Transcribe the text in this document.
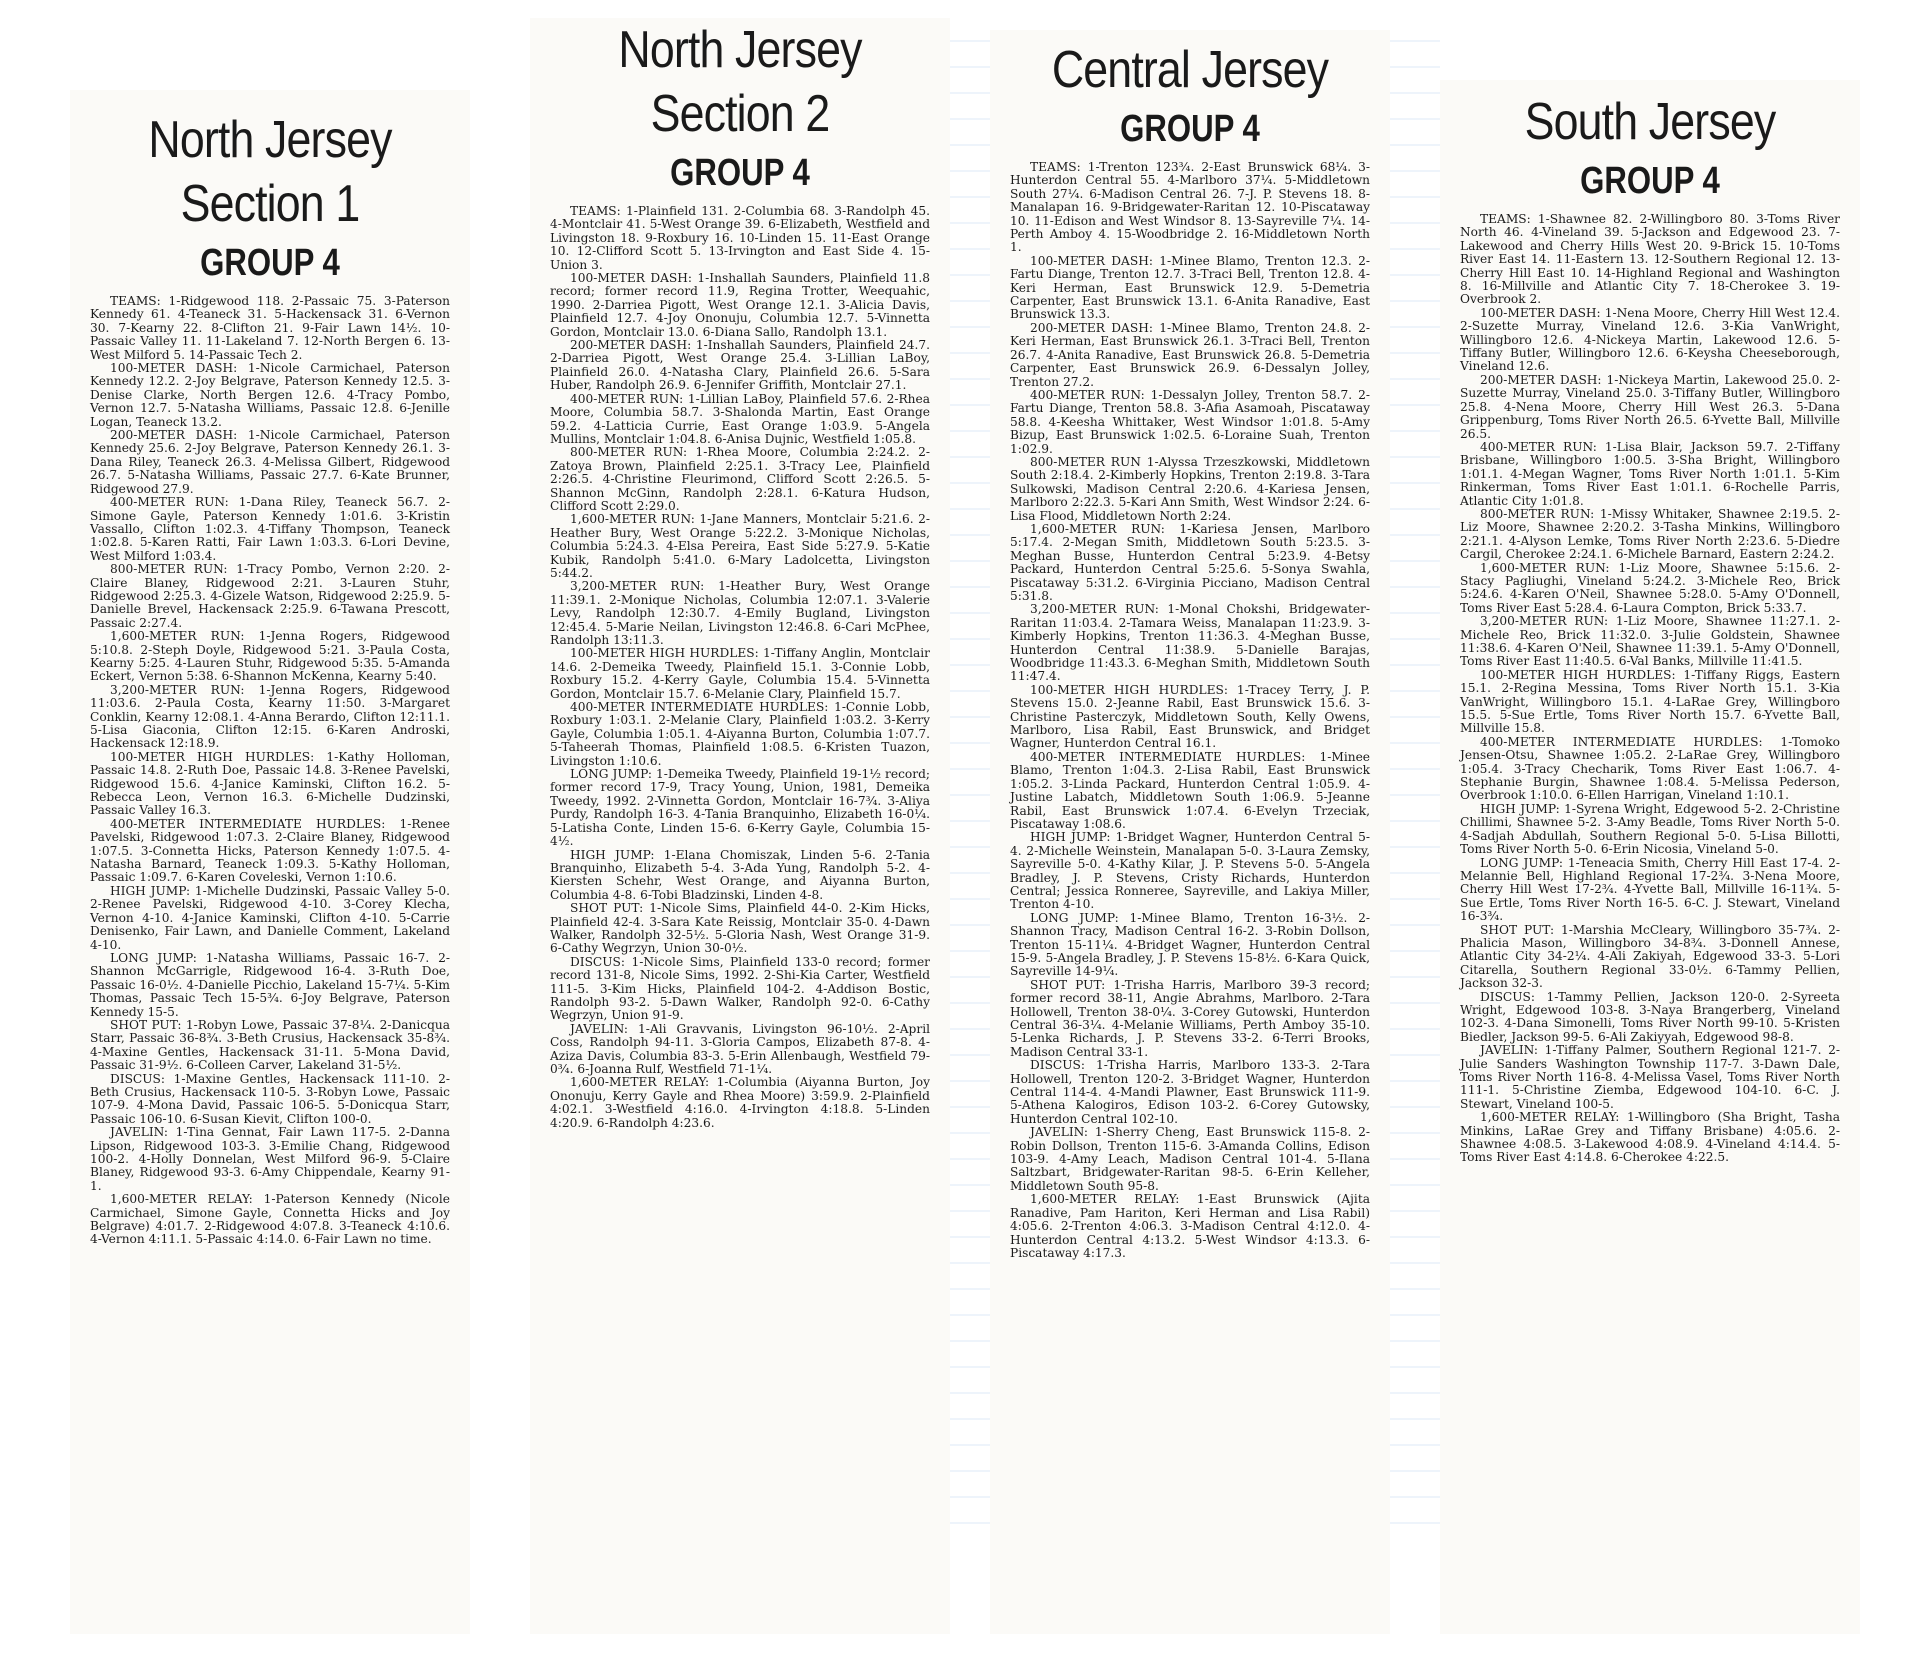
North Jersey
Section 1
GROUP 4

TEAMS: 1-Ridgewood 118. 2-Passaic 75. 3-Paterson Kennedy 61. 4-Teaneck 31. 5-Hackensack 31. 6-Vernon 30. 7-Kearny 22. 8-Clifton 21. 9-Fair Lawn 14½. 10-Passaic Valley 11. 11-Lakeland 7. 12-North Bergen 6. 13-West Milford 5. 14-Passaic Tech 2.

100-METER DASH: 1-Nicole Carmichael, Paterson Kennedy 12.2. 2-Joy Belgrave, Paterson Kennedy 12.5. 3-Denise Clarke, North Bergen 12.6. 4-Tracy Pombo, Vernon 12.7. 5-Natasha Williams, Passaic 12.8. 6-Jenille Logan, Teaneck 13.2.

200-METER DASH: 1-Nicole Carmichael, Paterson Kennedy 25.6. 2-Joy Belgrave, Paterson Kennedy 26.1. 3-Dana Riley, Teaneck 26.3. 4-Melissa Gilbert, Ridgewood 26.7. 5-Natasha Williams, Passaic 27.7. 6-Kate Brunner, Ridgewood 27.9.

400-METER RUN: 1-Dana Riley, Teaneck 56.7. 2-Simone Gayle, Paterson Kennedy 1:01.6. 3-Kristin Vassallo, Clifton 1:02.3. 4-Tiffany Thompson, Teaneck 1:02.8. 5-Karen Ratti, Fair Lawn 1:03.3. 6-Lori Devine, West Milford 1:03.4.

800-METER RUN: 1-Tracy Pombo, Vernon 2:20. 2-Claire Blaney, Ridgewood 2:21. 3-Lauren Stuhr, Ridgewood 2:25.3. 4-Gizele Watson, Ridgewood 2:25.9. 5-Danielle Brevel, Hackensack 2:25.9. 6-Tawana Prescott, Passaic 2:27.4.

1,600-METER RUN: 1-Jenna Rogers, Ridgewood 5:10.8. 2-Steph Doyle, Ridgewood 5:21. 3-Paula Costa, Kearny 5:25. 4-Lauren Stuhr, Ridgewood 5:35. 5-Amanda Eckert, Vernon 5:38. 6-Shannon McKenna, Kearny 5:40.

3,200-METER RUN: 1-Jenna Rogers, Ridgewood 11:03.6. 2-Paula Costa, Kearny 11:50. 3-Margaret Conklin, Kearny 12:08.1. 4-Anna Berardo, Clifton 12:11.1. 5-Lisa Giaconia, Clifton 12:15. 6-Karen Androski, Hackensack 12:18.9.

100-METER HIGH HURDLES: 1-Kathy Holloman, Passaic 14.8. 2-Ruth Doe, Passaic 14.8. 3-Renee Pavelski, Ridgewood 15.6. 4-Janice Kaminski, Clifton 16.2. 5-Rebecca Leon, Vernon 16.3. 6-Michelle Dudzinski, Passaic Valley 16.3.

400-METER INTERMEDIATE HURDLES: 1-Renee Pavelski, Ridgewood 1:07.3. 2-Claire Blaney, Ridgewood 1:07.5. 3-Connetta Hicks, Paterson Kennedy 1:07.5. 4-Natasha Barnard, Teaneck 1:09.3. 5-Kathy Holloman, Passaic 1:09.7. 6-Karen Coveleski, Vernon 1:10.6.

HIGH JUMP: 1-Michelle Dudzinski, Passaic Valley 5-0. 2-Renee Pavelski, Ridgewood 4-10. 3-Corey Klecha, Vernon 4-10. 4-Janice Kaminski, Clifton 4-10. 5-Carrie Denisenko, Fair Lawn, and Danielle Comment, Lakeland 4-10.

LONG JUMP: 1-Natasha Williams, Passaic 16-7. 2-Shannon McGarrigle, Ridgewood 16-4. 3-Ruth Doe, Passaic 16-0½. 4-Danielle Picchio, Lakeland 15-7¼. 5-Kim Thomas, Passaic Tech 15-5¾. 6-Joy Belgrave, Paterson Kennedy 15-5.

SHOT PUT: 1-Robyn Lowe, Passaic 37-8¼. 2-Danicqua Starr, Passaic 36-8¾. 3-Beth Crusius, Hackensack 35-8¾. 4-Maxine Gentles, Hackensack 31-11. 5-Mona David, Passaic 31-9½. 6-Colleen Carver, Lakeland 31-5½.

DISCUS: 1-Maxine Gentles, Hackensack 111-10. 2-Beth Crusius, Hackensack 110-5. 3-Robyn Lowe, Passaic 107-9. 4-Mona David, Passaic 106-5. 5-Donicqua Starr, Passaic 106-10. 6-Susan Kievit, Clifton 100-0.

JAVELIN: 1-Tina Gennat, Fair Lawn 117-5. 2-Danna Lipson, Ridgewood 103-3. 3-Emilie Chang, Ridgewood 100-2. 4-Holly Donnelan, West Milford 96-9. 5-Claire Blaney, Ridgewood 93-3. 6-Amy Chippendale, Kearny 91-1.

1,600-METER RELAY: 1-Paterson Kennedy (Nicole Carmichael, Simone Gayle, Connetta Hicks and Joy Belgrave) 4:01.7. 2-Ridgewood 4:07.8. 3-Teaneck 4:10.6. 4-Vernon 4:11.1. 5-Passaic 4:14.0. 6-Fair Lawn no time.

North Jersey
Section 2
GROUP 4

TEAMS: 1-Plainfield 131. 2-Columbia 68. 3-Randolph 45. 4-Montclair 41. 5-West Orange 39. 6-Elizabeth, Westfield and Livingston 18. 9-Roxbury 16. 10-Linden 15. 11-East Orange 10. 12-Clifford Scott 5. 13-Irvington and East Side 4. 15-Union 3.

100-METER DASH: 1-Inshallah Saunders, Plainfield 11.8 record; former record 11.9, Regina Trotter, Weequahic, 1990. 2-Darriea Pigott, West Orange 12.1. 3-Alicia Davis, Plainfield 12.7. 4-Joy Ononuju, Columbia 12.7. 5-Vinnetta Gordon, Montclair 13.0. 6-Diana Sallo, Randolph 13.1.

200-METER DASH: 1-Inshallah Saunders, Plainfield 24.7. 2-Darriea Pigott, West Orange 25.4. 3-Lillian LaBoy, Plainfield 26.0. 4-Natasha Clary, Plainfield 26.6. 5-Sara Huber, Randolph 26.9. 6-Jennifer Griffith, Montclair 27.1.

400-METER RUN: 1-Lillian LaBoy, Plainfield 57.6. 2-Rhea Moore, Columbia 58.7. 3-Shalonda Martin, East Orange 59.2. 4-Latticia Currie, East Orange 1:03.9. 5-Angela Mullins, Montclair 1:04.8. 6-Anisa Dujnic, Westfield 1:05.8.

800-METER RUN: 1-Rhea Moore, Columbia 2:24.2. 2-Zatoya Brown, Plainfield 2:25.1. 3-Tracy Lee, Plainfield 2:26.5. 4-Christine Fleurimond, Clifford Scott 2:26.5. 5-Shannon McGinn, Randolph 2:28.1. 6-Katura Hudson, Clifford Scott 2:29.0.

1,600-METER RUN: 1-Jane Manners, Montclair 5:21.6. 2-Heather Bury, West Orange 5:22.2. 3-Monique Nicholas, Columbia 5:24.3. 4-Elsa Pereira, East Side 5:27.9. 5-Katie Kubik, Randolph 5:41.0. 6-Mary Ladolcetta, Livingston 5:44.2.

3,200-METER RUN: 1-Heather Bury, West Orange 11:39.1. 2-Monique Nicholas, Columbia 12:07.1. 3-Valerie Levy, Randolph 12:30.7. 4-Emily Bugland, Livingston 12:45.4. 5-Marie Neilan, Livingston 12:46.8. 6-Cari McPhee, Randolph 13:11.3.

100-METER HIGH HURDLES: 1-Tiffany Anglin, Montclair 14.6. 2-Demeika Tweedy, Plainfield 15.1. 3-Connie Lobb, Roxbury 15.2. 4-Kerry Gayle, Columbia 15.4. 5-Vinnetta Gordon, Montclair 15.7. 6-Melanie Clary, Plainfield 15.7.

400-METER INTERMEDIATE HURDLES: 1-Connie Lobb, Roxbury 1:03.1. 2-Melanie Clary, Plainfield 1:03.2. 3-Kerry Gayle, Columbia 1:05.1. 4-Aiyanna Burton, Columbia 1:07.7. 5-Taheerah Thomas, Plainfield 1:08.5. 6-Kristen Tuazon, Livingston 1:10.6.

LONG JUMP: 1-Demeika Tweedy, Plainfield 19-1½ record; former record 17-9, Tracy Young, Union, 1981, Demeika Tweedy, 1992. 2-Vinnetta Gordon, Montclair 16-7¾. 3-Aliya Purdy, Randolph 16-3. 4-Tania Branquinho, Elizabeth 16-0¼. 5-Latisha Conte, Linden 15-6. 6-Kerry Gayle, Columbia 15-4½.

HIGH JUMP: 1-Elana Chomiszak, Linden 5-6. 2-Tania Branquinho, Elizabeth 5-4. 3-Ada Yung, Randolph 5-2. 4-Kiersten Schehr, West Orange, and Aiyanna Burton, Columbia 4-8. 6-Tobi Bladzinski, Linden 4-8.

SHOT PUT: 1-Nicole Sims, Plainfield 44-0. 2-Kim Hicks, Plainfield 42-4. 3-Sara Kate Reissig, Montclair 35-0. 4-Dawn Walker, Randolph 32-5½. 5-Gloria Nash, West Orange 31-9. 6-Cathy Wegrzyn, Union 30-0½.

DISCUS: 1-Nicole Sims, Plainfield 133-0 record; former record 131-8, Nicole Sims, 1992. 2-Shi-Kia Carter, Westfield 111-5. 3-Kim Hicks, Plainfield 104-2. 4-Addison Bostic, Randolph 93-2. 5-Dawn Walker, Randolph 92-0. 6-Cathy Wegrzyn, Union 91-9.

JAVELIN: 1-Ali Gravvanis, Livingston 96-10½. 2-April Coss, Randolph 94-11. 3-Gloria Campos, Elizabeth 87-8. 4-Aziza Davis, Columbia 83-3. 5-Erin Allenbaugh, Westfield 79-0¾. 6-Joanna Rulf, Westfield 71-1¼.

1,600-METER RELAY: 1-Columbia (Aiyanna Burton, Joy Ononuju, Kerry Gayle and Rhea Moore) 3:59.9. 2-Plainfield 4:02.1. 3-Westfield 4:16.0. 4-Irvington 4:18.8. 5-Linden 4:20.9. 6-Randolph 4:23.6.

Central Jersey
GROUP 4

TEAMS: 1-Trenton 123¾. 2-East Brunswick 68¼. 3-Hunterdon Central 55. 4-Marlboro 37¼. 5-Middletown South 27¼. 6-Madison Central 26. 7-J. P. Stevens 18. 8-Manalapan 16. 9-Bridgewater-Raritan 12. 10-Piscataway 10. 11-Edison and West Windsor 8. 13-Sayreville 7¼. 14-Perth Amboy 4. 15-Woodbridge 2. 16-Middletown North 1.

100-METER DASH: 1-Minee Blamo, Trenton 12.3. 2-Fartu Diange, Trenton 12.7. 3-Traci Bell, Trenton 12.8. 4-Keri Herman, East Brunswick 12.9. 5-Demetria Carpenter, East Brunswick 13.1. 6-Anita Ranadive, East Brunswick 13.3.

200-METER DASH: 1-Minee Blamo, Trenton 24.8. 2-Keri Herman, East Brunswick 26.1. 3-Traci Bell, Trenton 26.7. 4-Anita Ranadive, East Brunswick 26.8. 5-Demetria Carpenter, East Brunswick 26.9. 6-Dessalyn Jolley, Trenton 27.2.

400-METER RUN: 1-Dessalyn Jolley, Trenton 58.7. 2-Fartu Diange, Trenton 58.8. 3-Afia Asamoah, Piscataway 58.8. 4-Keesha Whittaker, West Windsor 1:01.8. 5-Amy Bizup, East Brunswick 1:02.5. 6-Loraine Suah, Trenton 1:02.9.

800-METER RUN 1-Alyssa Trzeszkowski, Middletown South 2:18.4. 2-Kimberly Hopkins, Trenton 2:19.8. 3-Tara Sulkowski, Madison Central 2:20.6. 4-Kariesa Jensen, Marlboro 2:22.3. 5-Kari Ann Smith, West Windsor 2:24. 6-Lisa Flood, Middletown North 2:24.

1,600-METER RUN: 1-Kariesa Jensen, Marlboro 5:17.4. 2-Megan Smith, Middletown South 5:23.5. 3-Meghan Busse, Hunterdon Central 5:23.9. 4-Betsy Packard, Hunterdon Central 5:25.6. 5-Sonya Swahla, Piscataway 5:31.2. 6-Virginia Picciano, Madison Central 5:31.8.

3,200-METER RUN: 1-Monal Chokshi, Bridgewater-Raritan 11:03.4. 2-Tamara Weiss, Manalapan 11:23.9. 3-Kimberly Hopkins, Trenton 11:36.3. 4-Meghan Busse, Hunterdon Central 11:38.9. 5-Danielle Barajas, Woodbridge 11:43.3. 6-Meghan Smith, Middletown South 11:47.4.

100-METER HIGH HURDLES: 1-Tracey Terry, J. P. Stevens 15.0. 2-Jeanne Rabil, East Brunswick 15.6. 3-Christine Pasterczyk, Middletown South, Kelly Owens, Marlboro, Lisa Rabil, East Brunswick, and Bridget Wagner, Hunterdon Central 16.1.

400-METER INTERMEDIATE HURDLES: 1-Minee Blamo, Trenton 1:04.3. 2-Lisa Rabil, East Brunswick 1:05.2. 3-Linda Packard, Hunterdon Central 1:05.9. 4-Justine Labatch, Middletown South 1:06.9. 5-Jeanne Rabil, East Brunswick 1:07.4. 6-Evelyn Trzeciak, Piscataway 1:08.6.

HIGH JUMP: 1-Bridget Wagner, Hunterdon Central 5-4. 2-Michelle Weinstein, Manalapan 5-0. 3-Laura Zemsky, Sayreville 5-0. 4-Kathy Kilar, J. P. Stevens 5-0. 5-Angela Bradley, J. P. Stevens, Cristy Richards, Hunterdon Central; Jessica Ronneree, Sayreville, and Lakiya Miller, Trenton 4-10.

LONG JUMP: 1-Minee Blamo, Trenton 16-3½. 2-Shannon Tracy, Madison Central 16-2. 3-Robin Dollson, Trenton 15-11¼. 4-Bridget Wagner, Hunterdon Central 15-9. 5-Angela Bradley, J. P. Stevens 15-8½. 6-Kara Quick, Sayreville 14-9¼.

SHOT PUT: 1-Trisha Harris, Marlboro 39-3 record; former record 38-11, Angie Abrahms, Marlboro. 2-Tara Hollowell, Trenton 38-0¼. 3-Corey Gutowski, Hunterdon Central 36-3¼. 4-Melanie Williams, Perth Amboy 35-10. 5-Lenka Richards, J. P. Stevens 33-2. 6-Terri Brooks, Madison Central 33-1.

DISCUS: 1-Trisha Harris, Marlboro 133-3. 2-Tara Hollowell, Trenton 120-2. 3-Bridget Wagner, Hunterdon Central 114-4. 4-Mandi Plawner, East Brunswick 111-9. 5-Athena Kalogiros, Edison 103-2. 6-Corey Gutowsky, Hunterdon Central 102-10.

JAVELIN: 1-Sherry Cheng, East Brunswick 115-8. 2-Robin Dollson, Trenton 115-6. 3-Amanda Collins, Edison 103-9. 4-Amy Leach, Madison Central 101-4. 5-Ilana Saltzbart, Bridgewater-Raritan 98-5. 6-Erin Kelleher, Middletown South 95-8.

1,600-METER RELAY: 1-East Brunswick (Ajita Ranadive, Pam Hariton, Keri Herman and Lisa Rabil) 4:05.6. 2-Trenton 4:06.3. 3-Madison Central 4:12.0. 4-Hunterdon Central 4:13.2. 5-West Windsor 4:13.3. 6-Piscataway 4:17.3.

South Jersey
GROUP 4

TEAMS: 1-Shawnee 82. 2-Willingboro 80. 3-Toms River North 46. 4-Vineland 39. 5-Jackson and Edgewood 23. 7-Lakewood and Cherry Hills West 20. 9-Brick 15. 10-Toms River East 14. 11-Eastern 13. 12-Southern Regional 12. 13-Cherry Hill East 10. 14-Highland Regional and Washington 8. 16-Millville and Atlantic City 7. 18-Cherokee 3. 19-Overbrook 2.

100-METER DASH: 1-Nena Moore, Cherry Hill West 12.4. 2-Suzette Murray, Vineland 12.6. 3-Kia VanWright, Willingboro 12.6. 4-Nickeya Martin, Lakewood 12.6. 5-Tiffany Butler, Willingboro 12.6. 6-Keysha Cheeseborough, Vineland 12.6.

200-METER DASH: 1-Nickeya Martin, Lakewood 25.0. 2-Suzette Murray, Vineland 25.0. 3-Tiffany Butler, Willingboro 25.8. 4-Nena Moore, Cherry Hill West 26.3. 5-Dana Grippenburg, Toms River North 26.5. 6-Yvette Ball, Millville 26.5.

400-METER RUN: 1-Lisa Blair, Jackson 59.7. 2-Tiffany Brisbane, Willingboro 1:00.5. 3-Sha Bright, Willingboro 1:01.1. 4-Megan Wagner, Toms River North 1:01.1. 5-Kim Rinkerman, Toms River East 1:01.1. 6-Rochelle Parris, Atlantic City 1:01.8.

800-METER RUN: 1-Missy Whitaker, Shawnee 2:19.5. 2-Liz Moore, Shawnee 2:20.2. 3-Tasha Minkins, Willingboro 2:21.1. 4-Alyson Lemke, Toms River North 2:23.6. 5-Diedre Cargil, Cherokee 2:24.1. 6-Michele Barnard, Eastern 2:24.2.

1,600-METER RUN: 1-Liz Moore, Shawnee 5:15.6. 2-Stacy Pagliughi, Vineland 5:24.2. 3-Michele Reo, Brick 5:24.6. 4-Karen O'Neil, Shawnee 5:28.0. 5-Amy O'Donnell, Toms River East 5:28.4. 6-Laura Compton, Brick 5:33.7.

3,200-METER RUN: 1-Liz Moore, Shawnee 11:27.1. 2-Michele Reo, Brick 11:32.0. 3-Julie Goldstein, Shawnee 11:38.6. 4-Karen O'Neil, Shawnee 11:39.1. 5-Amy O'Donnell, Toms River East 11:40.5. 6-Val Banks, Millville 11:41.5.

100-METER HIGH HURDLES: 1-Tiffany Riggs, Eastern 15.1. 2-Regina Messina, Toms River North 15.1. 3-Kia VanWright, Willingboro 15.1. 4-LaRae Grey, Willingboro 15.5. 5-Sue Ertle, Toms River North 15.7. 6-Yvette Ball, Millville 15.8.

400-METER INTERMEDIATE HURDLES: 1-Tomoko Jensen-Otsu, Shawnee 1:05.2. 2-LaRae Grey, Willingboro 1:05.4. 3-Tracy Checharik, Toms River East 1:06.7. 4-Stephanie Burgin, Shawnee 1:08.4. 5-Melissa Pederson, Overbrook 1:10.0. 6-Ellen Harrigan, Vineland 1:10.1.

HIGH JUMP: 1-Syrena Wright, Edgewood 5-2. 2-Christine Chillimi, Shawnee 5-2. 3-Amy Beadle, Toms River North 5-0. 4-Sadjah Abdullah, Southern Regional 5-0. 5-Lisa Billotti, Toms River North 5-0. 6-Erin Nicosia, Vineland 5-0.

LONG JUMP: 1-Teneacia Smith, Cherry Hill East 17-4. 2-Melannie Bell, Highland Regional 17-2¾. 3-Nena Moore, Cherry Hill West 17-2¾. 4-Yvette Ball, Millville 16-11¾. 5-Sue Ertle, Toms River North 16-5. 6-C. J. Stewart, Vineland 16-3¾.

SHOT PUT: 1-Marshia McCleary, Willingboro 35-7¾. 2-Phalicia Mason, Willingboro 34-8¾. 3-Donnell Annese, Atlantic City 34-2¼. 4-Ali Zakiyah, Edgewood 33-3. 5-Lori Citarella, Southern Regional 33-0½. 6-Tammy Pellien, Jackson 32-3.

DISCUS: 1-Tammy Pellien, Jackson 120-0. 2-Syreeta Wright, Edgewood 103-8. 3-Naya Brangerberg, Vineland 102-3. 4-Dana Simonelli, Toms River North 99-10. 5-Kristen Biedler, Jackson 99-5. 6-Ali Zakiyyah, Edgewood 98-8.

JAVELIN: 1-Tiffany Palmer, Southern Regional 121-7. 2-Julie Sanders Washington Township 117-7. 3-Dawn Dale, Toms River North 116-8. 4-Melissa Vasel, Toms River North 111-1. 5-Christine Ziemba, Edgewood 104-10. 6-C. J. Stewart, Vineland 100-5.

1,600-METER RELAY: 1-Willingboro (Sha Bright, Tasha Minkins, LaRae Grey and Tiffany Brisbane) 4:05.6. 2-Shawnee 4:08.5. 3-Lakewood 4:08.9. 4-Vineland 4:14.4. 5-Toms River East 4:14.8. 6-Cherokee 4:22.5.
